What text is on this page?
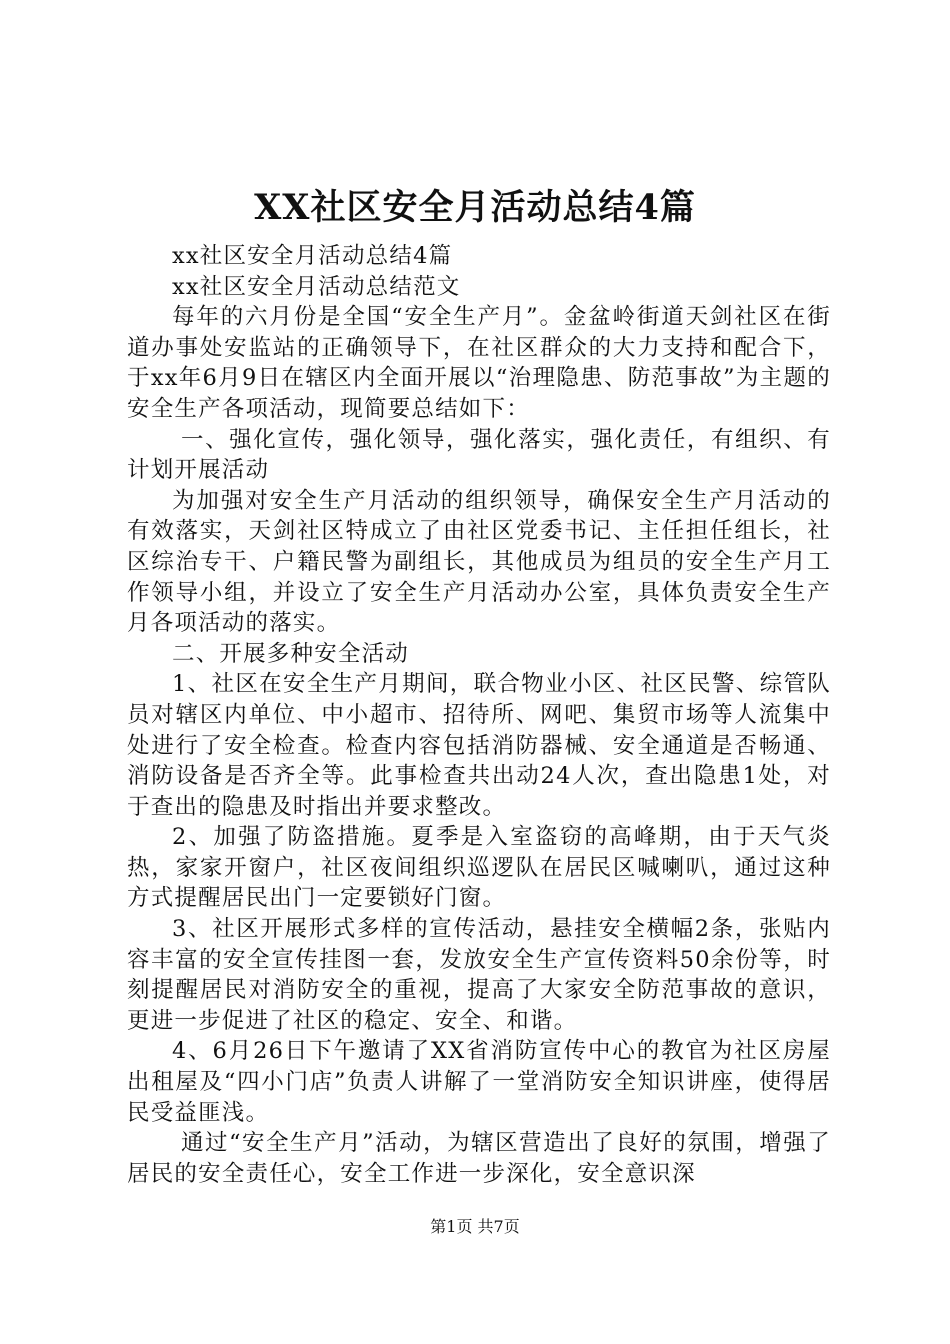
XX社区安全月活动总结4篇

xx社区安全月活动总结4篇

xx社区安全月活动总结范文

每年的六月份是全国“安全生产月”。金盆岭街道天剑社区在街道办事处安监站的正确领导下，在社区群众的大力支持和配合下，于xx年6月9日在辖区内全面开展以“治理隐患、防范事故”为主题的安全生产各项活动，现简要总结如下：

一、强化宣传，强化领导，强化落实，强化责任，有组织、有计划开展活动

为加强对安全生产月活动的组织领导，确保安全生产月活动的有效落实，天剑社区特成立了由社区党委书记、主任担任组长，社区综治专干、户籍民警为副组长，其他成员为组员的安全生产月工作领导小组，并设立了安全生产月活动办公室，具体负责安全生产月各项活动的落实。

二、开展多种安全活动

1、社区在安全生产月期间，联合物业小区、社区民警、综管队员对辖区内单位、中小超市、招待所、网吧、集贸市场等人流集中处进行了安全检查。检查内容包括消防器械、安全通道是否畅通、消防设备是否齐全等。此事检查共出动24人次，查出隐患1处，对于查出的隐患及时指出并要求整改。

2、加强了防盗措施。夏季是入室盗窃的高峰期，由于天气炎热，家家开窗户，社区夜间组织巡逻队在居民区喊喇叭，通过这种方式提醒居民出门一定要锁好门窗。

3、社区开展形式多样的宣传活动，悬挂安全横幅2条，张贴内容丰富的安全宣传挂图一套，发放安全生产宣传资料50余份等，时刻提醒居民对消防安全的重视，提高了大家安全防范事故的意识，更进一步促进了社区的稳定、安全、和谐。

4、6月26日下午邀请了XX省消防宣传中心的教官为社区房屋出租屋及“四小门店”负责人讲解了一堂消防安全知识讲座，使得居民受益匪浅。

通过“安全生产月”活动，为辖区营造出了良好的氛围，增强了居民的安全责任心，安全工作进一步深化，安全意识深

第1页 共7页
